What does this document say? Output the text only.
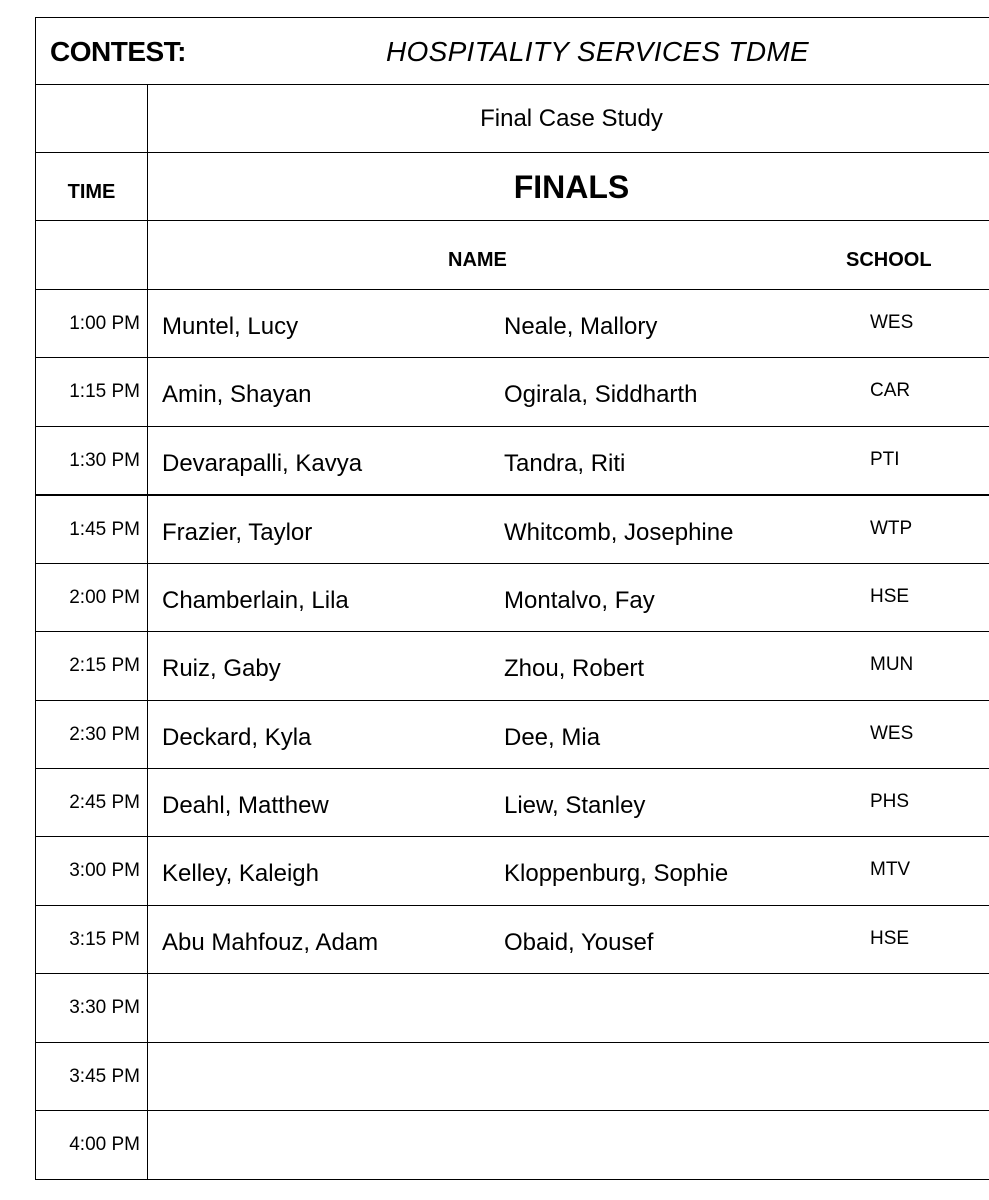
CONTEST:	HOSPITALITY SERVICES TDME
Final Case Study
TIME	FINALS
NAME	SCHOOL
1:00 PM Muntel, Lucy	Neale, Mallory	WES
1:15 PM Amin, Shayan	Ogirala, Siddharth	CAR
1:30 PM Devarapalli, Kavya	Tandra, Riti	PTI
1:45 PM Frazier, Taylor	Whitcomb, Josephine	WTP
2:00 PM Chamberlain, Lila	Montalvo, Fay	HSE
2:15 PM Ruiz, Gaby	Zhou, Robert	MUN
2:30 PM Deckard, Kyla	Dee, Mia	WES
2:45 PM Deahl, Matthew	Liew, Stanley	PHS
3:00 PM Kelley, Kaleigh	Kloppenburg, Sophie	MTV
3:15 PM Abu Mahfouz, Adam	Obaid, Yousef	HSE
3:30 PM
3:45 PM
4:00 PM
